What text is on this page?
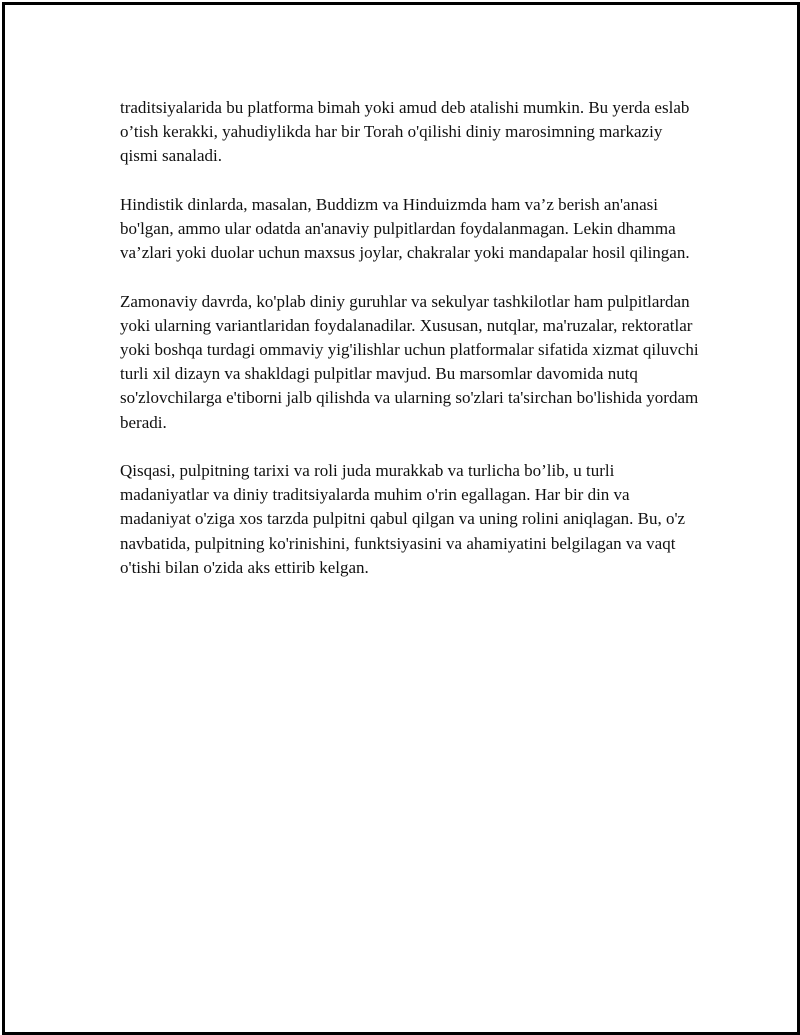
traditsiyalarida bu platforma bimah yoki amud deb atalishi mumkin. Bu yerda eslab o’tish kerakki, yahudiylikda har bir Torah o'qilishi diniy marosimning markaziy qismi sanaladi.

Hindistik dinlarda, masalan, Buddizm va Hinduizmda ham va’z berish an'anasi bo'lgan, ammo ular odatda an'anaviy pulpitlardan foydalanmagan. Lekin dhamma va’zlari yoki duolar uchun maxsus joylar, chakralar yoki mandapalar hosil qilingan.

Zamonaviy davrda, ko'plab diniy guruhlar va sekulyar tashkilotlar ham pulpitlardan yoki ularning variantlaridan foydalanadilar. Xususan, nutqlar, ma'ruzalar, rektoratlar yoki boshqa turdagi ommaviy yig'ilishlar uchun platformalar sifatida xizmat qiluvchi turli xil dizayn va shakldagi pulpitlar mavjud. Bu marsomlar davomida nutq so'zlovchilarga e'tiborni jalb qilishda va ularning so'zlari ta'sirchan bo'lishida yordam beradi.

Qisqasi, pulpitning tarixi va roli juda murakkab va turlicha bo’lib, u turli madaniyatlar va diniy traditsiyalarda muhim o'rin egallagan. Har bir din va madaniyat o'ziga xos tarzda pulpitni qabul qilgan va uning rolini aniqlagan. Bu, o'z navbatida, pulpitning ko'rinishini, funktsiyasini va ahamiyatini belgilagan va vaqt o'tishi bilan o'zida aks ettirib kelgan.
